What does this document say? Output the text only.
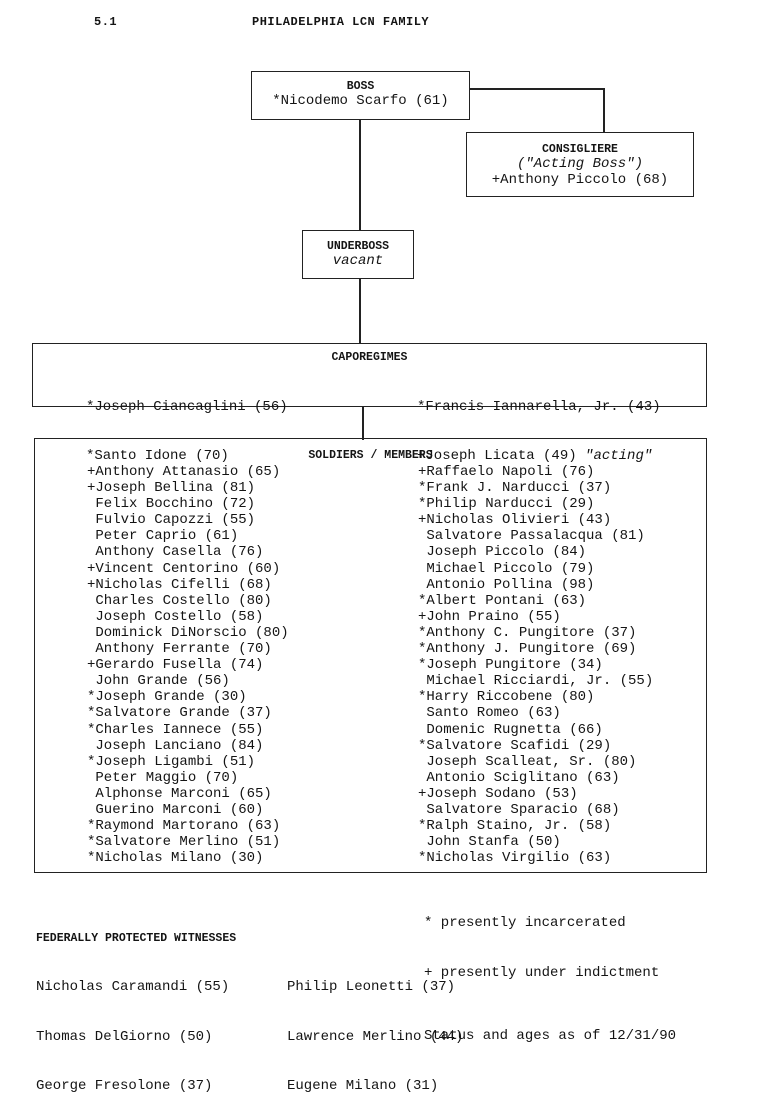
5.1	PHILADELPHIA LCN FAMILY
BOSS
*Nicodemo Scarfo (61)
CONSIGLIERE
("Acting Boss")
+Anthony Piccolo (68)
UNDERBOSS
vacant
CAPOREGIMES

*Joseph Ciancaglini (56)

*Santo Idone (70)

*Francis Iannarella, Jr. (43)

+Joseph Licata (49) "acting"

SOLDIERS / MEMBERS
+Anthony Attanasio (65)
+Joseph Bellina (81)
Felix Bocchino (72)
Fulvio Capozzi (55)
Peter Caprio (61)
Anthony Casella (76)
+Vincent Centorino (60)
+Nicholas Cifelli (68)
Charles Costello (80)
Joseph Costello (58)
Dominick DiNorscio (80)
Anthony Ferrante (70)
+Gerardo Fusella (74)
John Grande (56)
*Joseph Grande (30)
*Salvatore Grande (37)
*Charles Iannece (55)
Joseph Lanciano (84)
*Joseph Ligambi (51)
Peter Maggio (70)
Alphonse Marconi (65)
Guerino Marconi (60)
*Raymond Martorano (63)
*Salvatore Merlino (51)
*Nicholas Milano (30)
+Raffaelo Napoli (76)
*Frank J. Narducci (37)
*Philip Narducci (29)
+Nicholas Olivieri (43)
Salvatore Passalacqua (81)
Joseph Piccolo (84)
Michael Piccolo (79)
Antonio Pollina (98)
*Albert Pontani (63)
+John Praino (55)
*Anthony C. Pungitore (37)
*Anthony J. Pungitore (69)
*Joseph Pungitore (34)
Michael Ricciardi, Jr. (55)
*Harry Riccobene (80)
Santo Romeo (63)
Domenic Rugnetta (66)
*Salvatore Scafidi (29)
Joseph Scalleat, Sr. (80)
Antonio Sciglitano (63)
+Joseph Sodano (53)
Salvatore Sparacio (68)
*Ralph Staino, Jr. (58)
John Stanfa (50)
*Nicholas Virgilio (63)

* presently incarcerated

+ presently under indictment

FEDERALLY PROTECTED WITNESSES

Nicholas Caramandi (55)

Thomas DelGiorno (50)

George Fresolone (37)

Philip Leonetti (37)

Lawrence Merlino (44)

Eugene Milano (31)

Status and ages as of 12/31/90
